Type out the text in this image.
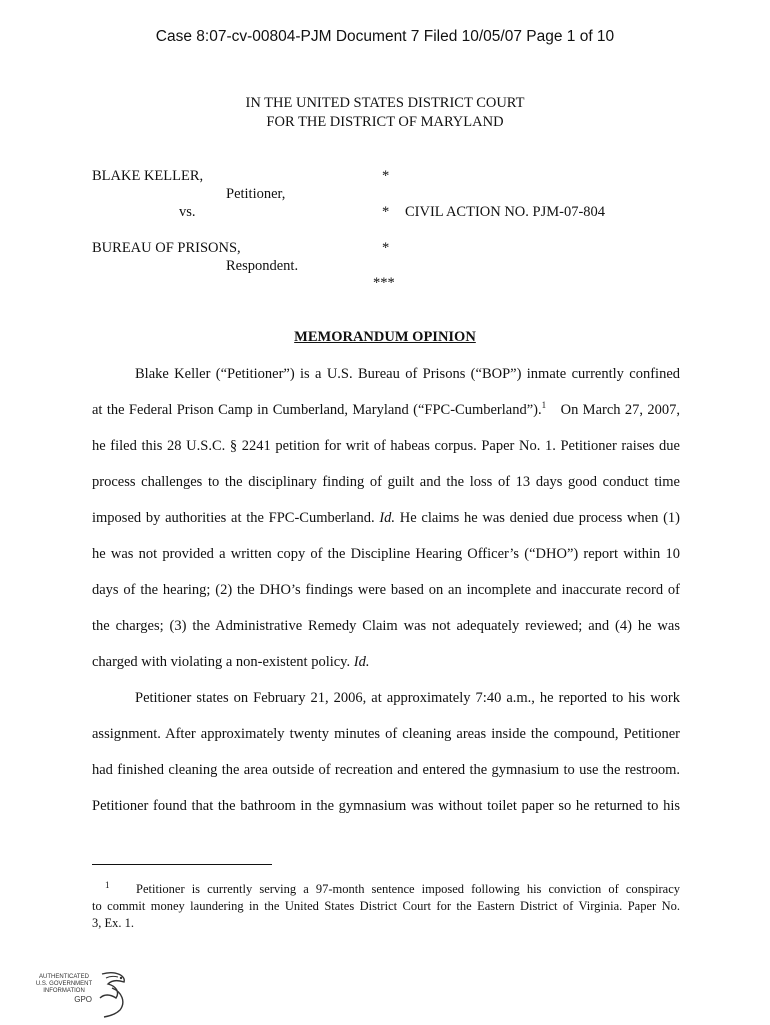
Case 8:07-cv-00804-PJM Document 7 Filed 10/05/07 Page 1 of 10
IN THE UNITED STATES DISTRICT COURT
FOR THE DISTRICT OF MARYLAND
BLAKE KELLER,	*
Petitioner,
vs.	* CIVIL ACTION NO. PJM-07-804
BUREAU OF PRISONS,	*
Respondent.
***
MEMORANDUM OPINION
Blake Keller (“Petitioner”) is a U.S. Bureau of Prisons (“BOP”) inmate currently confined
at the Federal Prison Camp in Cumberland, Maryland (“FPC-Cumberland”).$^1$  On March 27, 2007,
he filed this 28 U.S.C. § 2241 petition for writ of habeas corpus. Paper No. 1. Petitioner raises due
process challenges to the disciplinary finding of guilt and the loss of 13 days good conduct time
imposed by authorities at the FPC-Cumberland. Id. He claims he was denied due process when (1)
he was not provided a written copy of the Discipline Hearing Officer’s (“DHO”) report within 10
days of the hearing; (2) the DHO’s findings were based on an incomplete and inaccurate record of
the charges; (3) the Administrative Remedy Claim was not adequately reviewed; and (4) he was
charged with violating a non-existent policy. Id.
Petitioner states on February 21, 2006, at approximately 7:40 a.m., he reported to his work
assignment. After approximately twenty minutes of cleaning areas inside the compound, Petitioner
had finished cleaning the area outside of recreation and entered the gymnasium to use the restroom.
Petitioner found that the bathroom in the gymnasium was without toilet paper so he returned to his
1 Petitioner is currently serving a 97-month sentence imposed following his conviction of conspiracy
to commit money laundering in the United States District Court for the Eastern District of Virginia. Paper No.
3, Ex. 1.
AUTHENTICATED
U.S. GOVERNMENT
INFORMATION
GPO
